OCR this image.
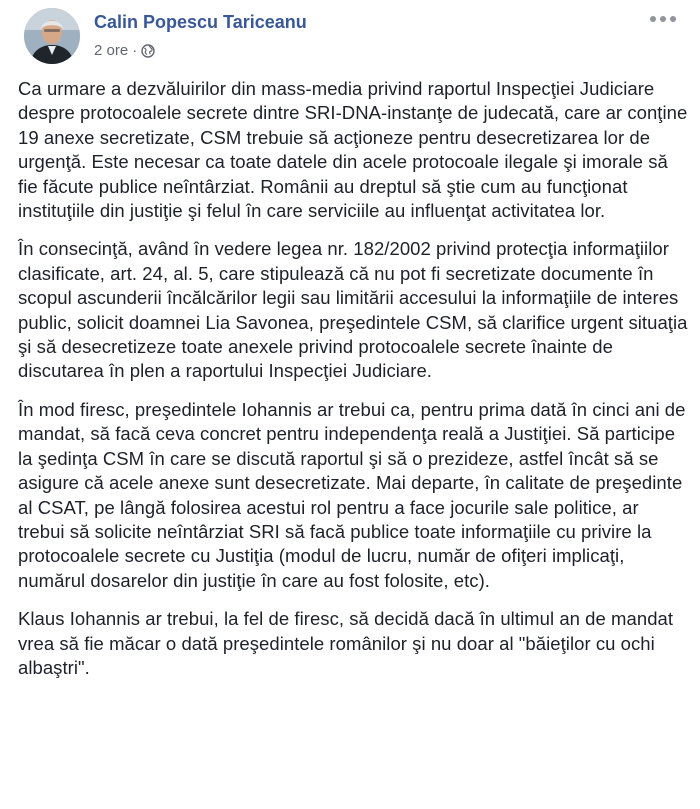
Calin Popescu Tariceanu
2 ore ·

Ca urmare a dezvăluirilor din mass-media privind raportul Inspecţiei Judiciare despre protocoalele secrete dintre SRI-DNA-instanţe de judecată, care ar conţine 19 anexe secretizate, CSM trebuie să acţioneze pentru desecretizarea lor de urgenţă. Este necesar ca toate datele din acele protocoale ilegale şi imorale să fie făcute publice neîntârziat. Românii au dreptul să ştie cum au funcţionat instituţiile din justiţie şi felul în care serviciile au influenţat activitatea lor.

În consecinţă, având în vedere legea nr. 182/2002 privind protecţia informaţiilor clasificate, art. 24, al. 5, care stipulează că nu pot fi secretizate documente în scopul ascunderii încălcărilor legii sau limitării accesului la informaţiile de interes public, solicit doamnei Lia Savonea, preşedintele CSM, să clarifice urgent situaţia şi să desecretizeze toate anexele privind protocoalele secrete înainte de discutarea în plen a raportului Inspecţiei Judiciare.

În mod firesc, preşedintele Iohannis ar trebui ca, pentru prima dată în cinci ani de mandat, să facă ceva concret pentru independenţa reală a Justiţiei. Să participe la şedinţa CSM în care se discută raportul şi să o prezideze, astfel încât să se asigure că acele anexe sunt desecretizate. Mai departe, în calitate de preşedinte al CSAT, pe lângă folosirea acestui rol pentru a face jocurile sale politice, ar trebui să solicite neîntârziat SRI să facă publice toate informaţiile cu privire la protocoalele secrete cu Justiţia (modul de lucru, număr de ofiţeri implicaţi, numărul dosarelor din justiţie în care au fost folosite, etc).

Klaus Iohannis ar trebui, la fel de firesc, să decidă dacă în ultimul an de mandat vrea să fie măcar o dată preşedintele românilor şi nu doar al "băieţilor cu ochi albaştri".
